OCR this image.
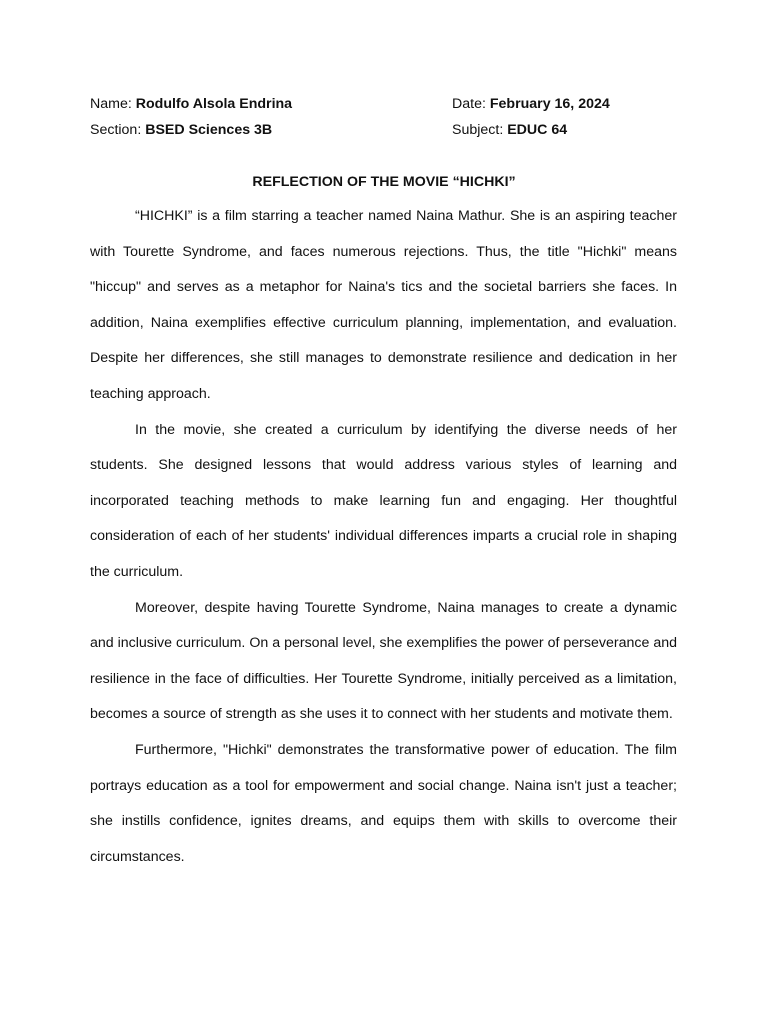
Name: Rodulfo Alsola Endrina	Date: February 16, 2024
Section: BSED Sciences 3B	Subject: EDUC 64
REFLECTION OF THE MOVIE “HICHKI”

“HICHKI” is a film starring a teacher named Naina Mathur. She is an aspiring teacher with Tourette Syndrome, and faces numerous rejections. Thus, the title "Hichki" means "hiccup" and serves as a metaphor for Naina's tics and the societal barriers she faces. In addition, Naina exemplifies effective curriculum planning, implementation, and evaluation. Despite her differences, she still manages to demonstrate resilience and dedication in her teaching approach.

In the movie, she created a curriculum by identifying the diverse needs of her students. She designed lessons that would address various styles of learning and incorporated teaching methods to make learning fun and engaging. Her thoughtful consideration of each of her students' individual differences imparts a crucial role in shaping the curriculum.

Moreover, despite having Tourette Syndrome, Naina manages to create a dynamic and inclusive curriculum. On a personal level, she exemplifies the power of perseverance and resilience in the face of difficulties. Her Tourette Syndrome, initially perceived as a limitation, becomes a source of strength as she uses it to connect with her students and motivate them.

Furthermore, "Hichki" demonstrates the transformative power of education. The film portrays education as a tool for empowerment and social change. Naina isn't just a teacher; she instills confidence, ignites dreams, and equips them with skills to overcome their circumstances.
